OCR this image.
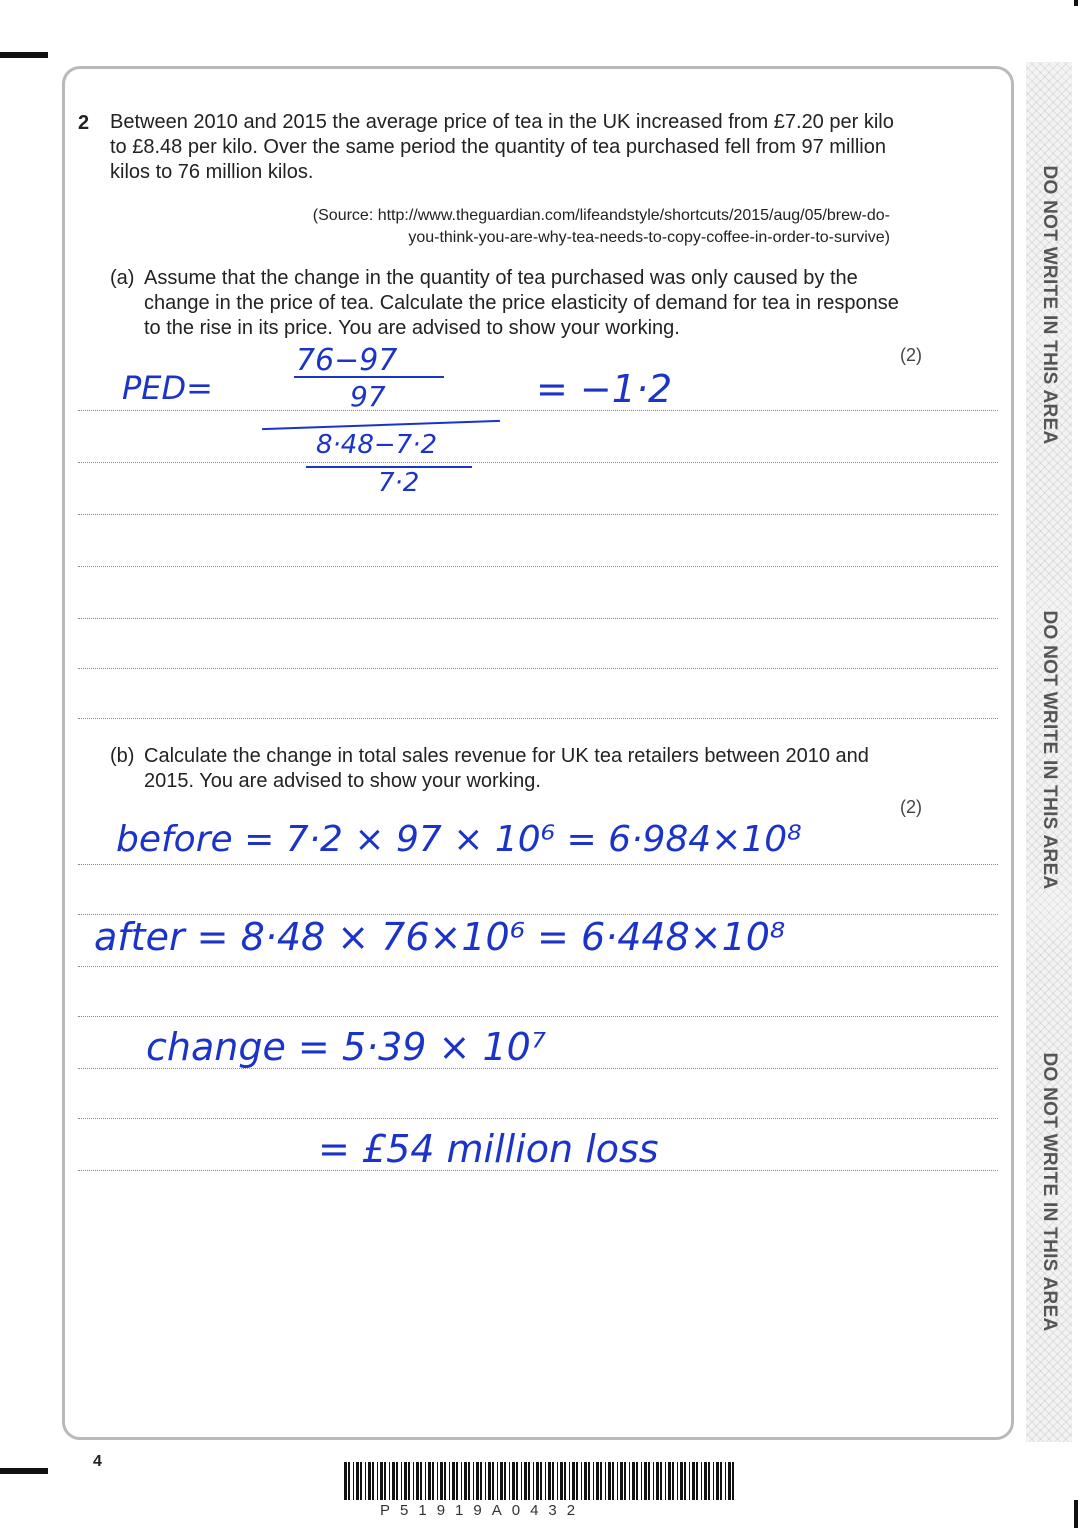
DO NOT WRITE IN THIS AREA
DO NOT WRITE IN THIS AREA
DO NOT WRITE IN THIS AREA
2 Between 2010 and 2015 the average price of tea in the UK increased from £7.20 per kilo to £8.48 per kilo. Over the same period the quantity of tea purchased fell from 97 million kilos to 76 million kilos.

(Source: http://www.theguardian.com/lifeandstyle/shortcuts/2015/aug/05/brew-do-
you-think-you-are-why-tea-needs-to-copy-coffee-in-order-to-survive)
(a) Assume that the change in the quantity of tea purchased was only caused by the change in the price of tea. Calculate the price elasticity of demand for tea in response to the rise in its price. You are advised to show your working.
(2)
PED=
76−97
97
8·48−7·2
7·2
= −1·2
(b) Calculate the change in total sales revenue for UK tea retailers between 2010 and 2015. You are advised to show your working.
(2)
before = 7·2 × 97 × 10⁶ = 6·984×10⁸
after = 8·48 × 76×10⁶ = 6·448×10⁸
change = 5·39 × 10⁷
= £54 million loss
4
P51919A0432
